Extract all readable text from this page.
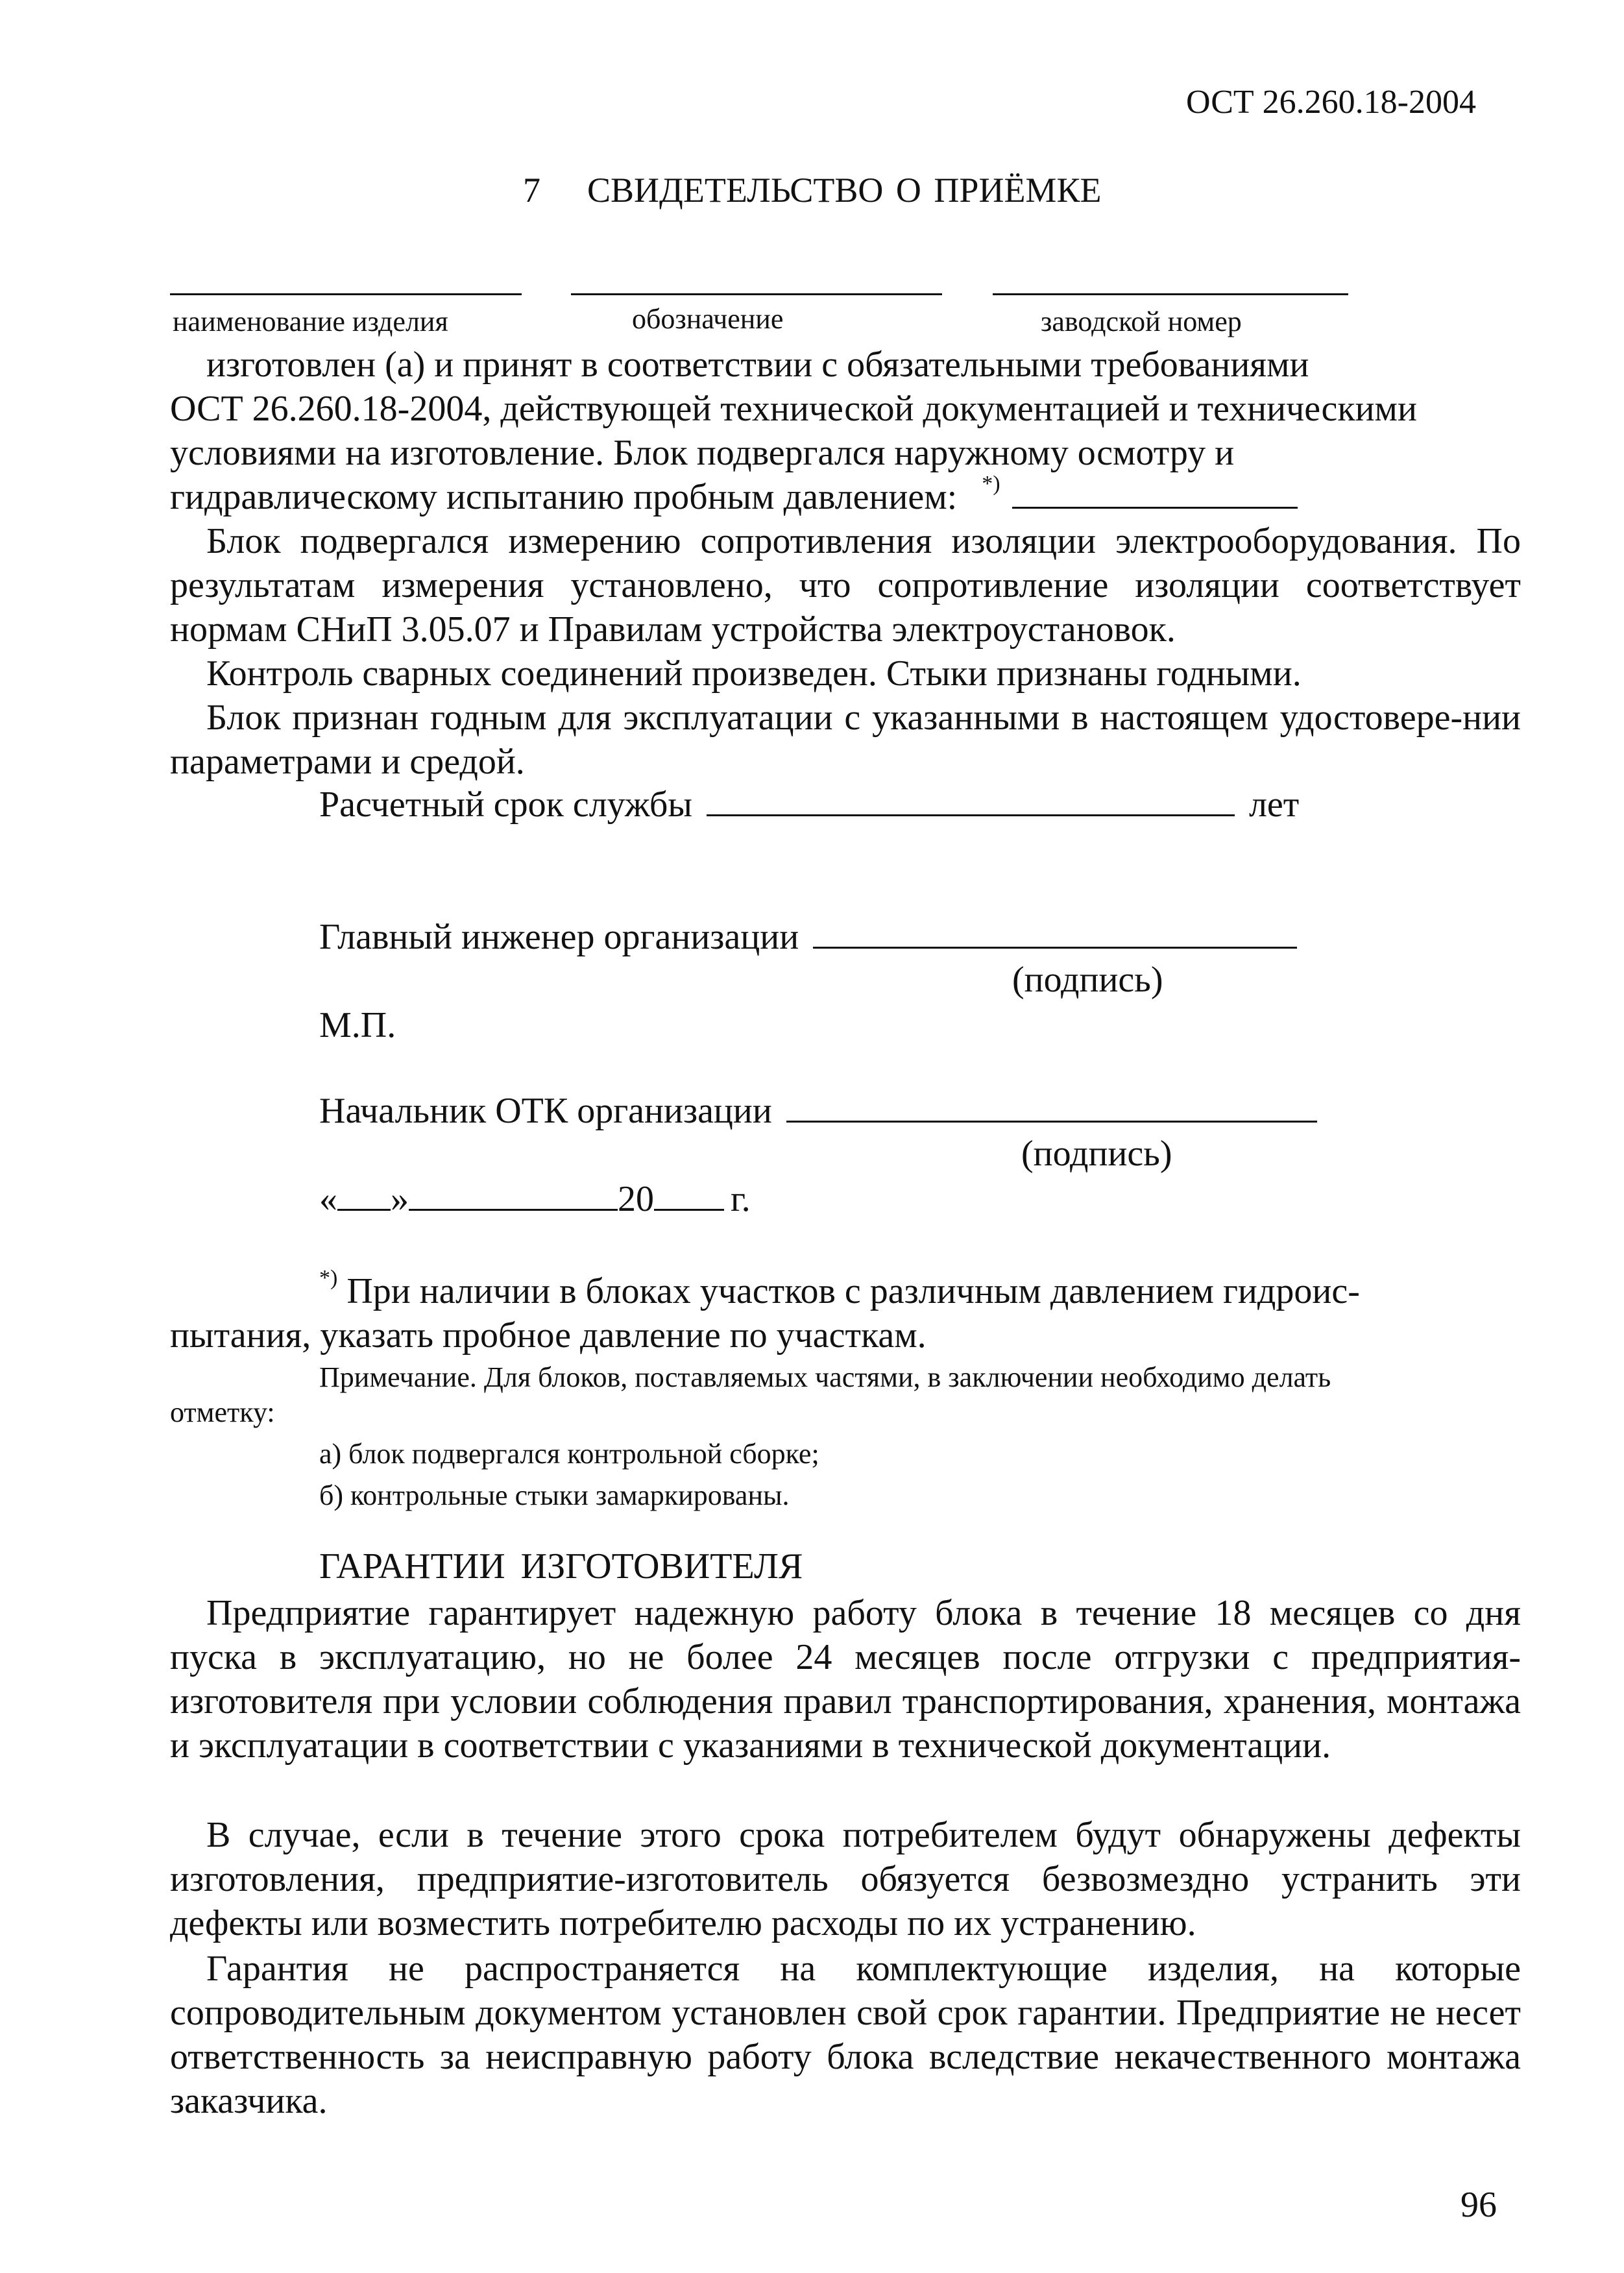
ОСТ 26.260.18-2004
7 СВИДЕТЕЛЬСТВО О ПРИЁМКЕ
наименование изделия	обозначение	заводской номер
изготовлен (а) и принят в соответствии с обязательными требованиями
ОСТ 26.260.18-2004, действующей технической документацией и техническими
условиями на изготовление. Блок подвергался наружному осмотру и
гидравлическому испытанию пробным давлением: *)

Блок подвергался измерению сопротивления изоляции электрооборудования. По результатам измерения установлено, что сопротивление изоляции соответствует нормам СНиП 3.05.07 и Правилам устройства электроустановок.

Контроль сварных соединений произведен. Стыки признаны годными.

Блок признан годным для эксплуатации с указанными в настоящем удостовере-нии параметрами и средой.

Расчетный срок службы	лет
Главный инженер организации
(подпись)
М.П.
Начальник ОТК организации
(подпись)
« »	20 г.
*) При наличии в блоках участков с различным давлением гидроис-
пытания, указать пробное давление по участкам.
Примечание. Для блоков, поставляемых частями, в заключении необходимо делать
отметку:
а) блок подвергался контрольной сборке;
б) контрольные стыки замаркированы.
ГАРАНТИИ ИЗГОТОВИТЕЛЯ

Предприятие гарантирует надежную работу блока в течение 18 месяцев со дня пуска в эксплуатацию, но не более 24 месяцев после отгрузки с предприятия-изготовителя при условии соблюдения правил транспортирования, хранения, монтажа и эксплуатации в соответствии с указаниями в технической документации.

В случае, если в течение этого срока потребителем будут обнаружены дефекты изготовления, предприятие-изготовитель обязуется безвозмездно устранить эти дефекты или возместить потребителю расходы по их устранению.

Гарантия не распространяется на комплектующие изделия, на которые сопроводительным документом установлен свой срок гарантии. Предприятие не несет ответственность за неисправную работу блока вследствие некачественного монтажа заказчика.

96
